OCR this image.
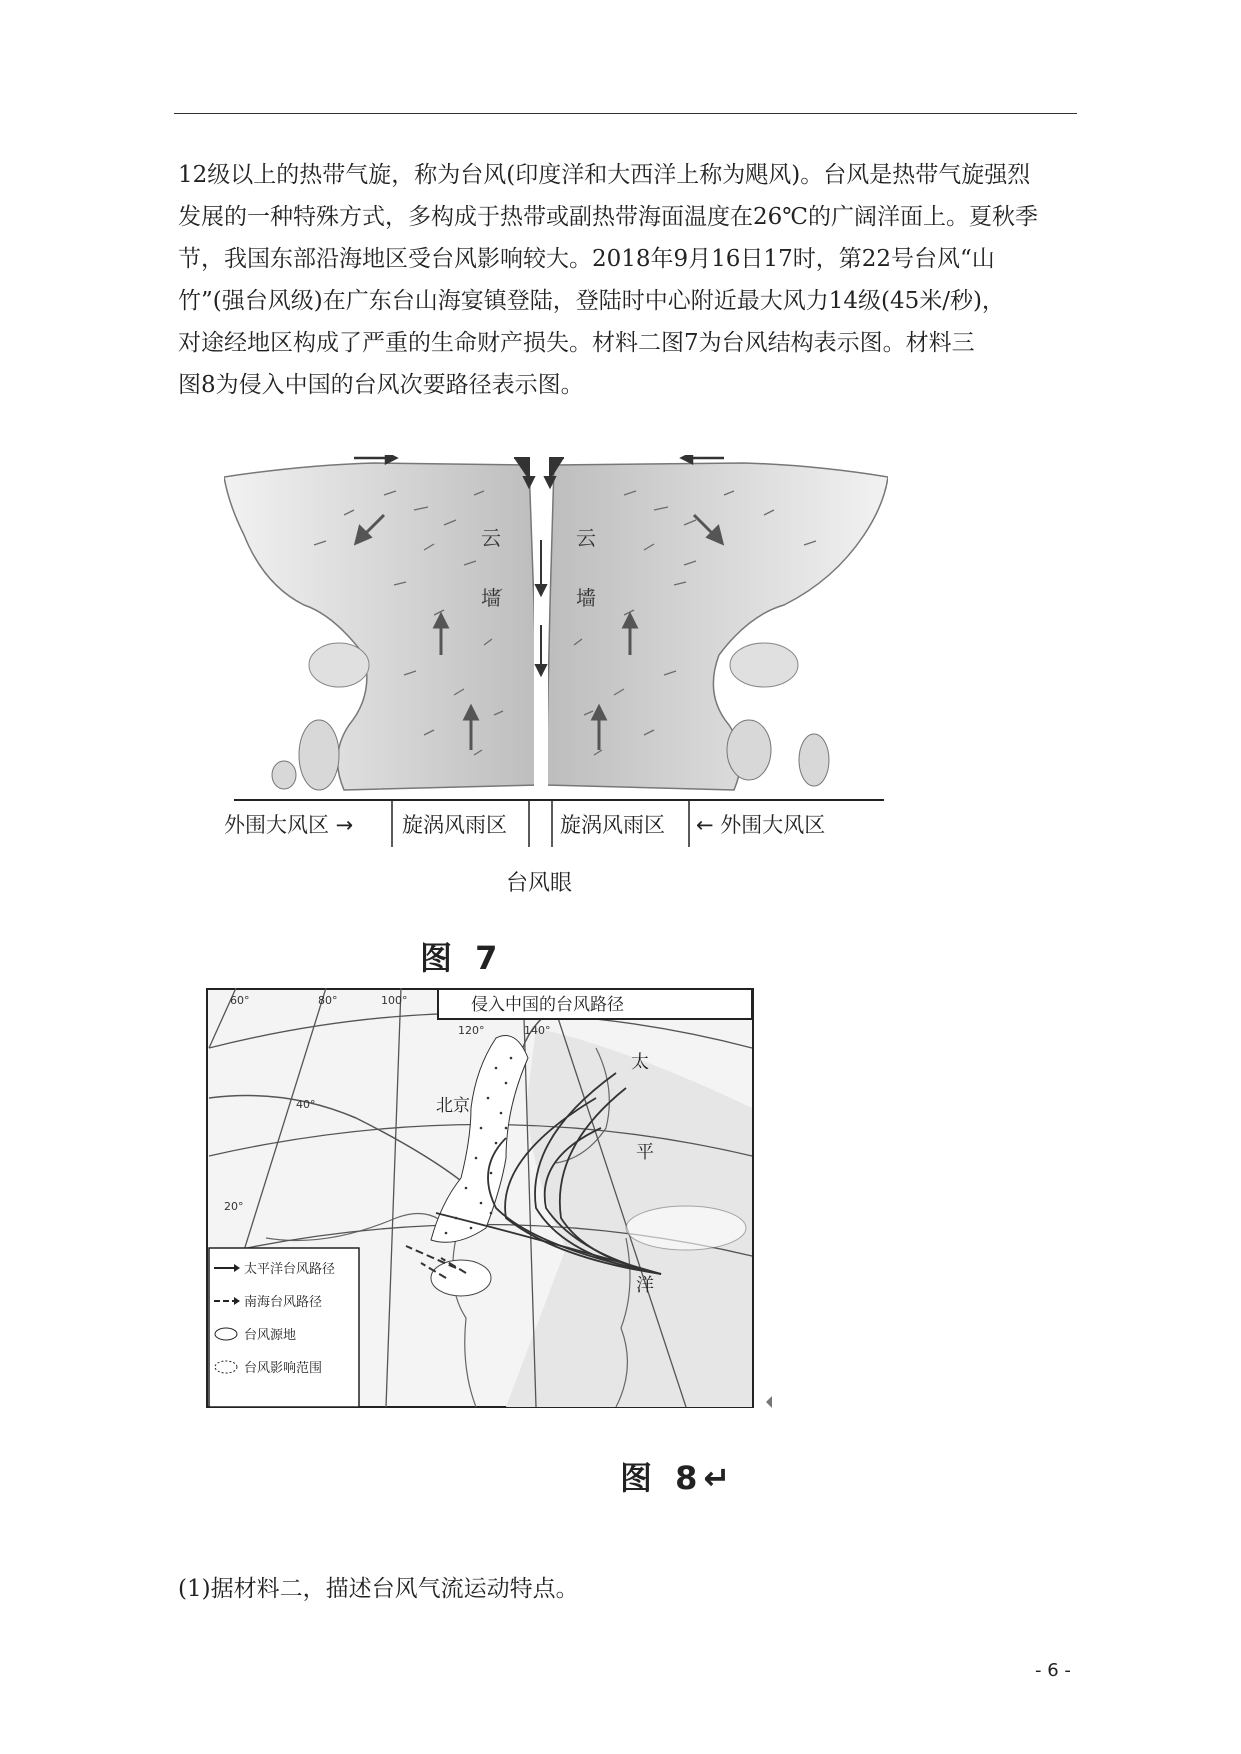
12级以上的热带气旋，称为台风(印度洋和大西洋上称为飓风)。台风是热带气旋强烈

发展的一种特殊方式，多构成于热带或副热带海面温度在26℃的广阔洋面上。夏秋季

节，我国东部沿海地区受台风影响较大。2018年9月16日17时，第22号台风“山

竹”(强台风级)在广东台山海宴镇登陆，登陆时中心附近最大风力14级(45米/秒)，

对途经地区构成了严重的生命财产损失。材料二图7为台风结构表示图。材料三

图8为侵入中国的台风次要路径表示图。

云
墙
云
墙
外围大风区 → 旋涡风雨区	旋涡风雨区 ← 外围大风区
台风眼
图 7
侵入中国的台风路径
60°	80°	100°
120°	140°
40°
20°
北京
太
平
洋
太平洋台风路径
南海台风路径
台风源地
台风影响范围
图 8↵
(1)据材料二，描述台风气流运动特点。
- 6 -
